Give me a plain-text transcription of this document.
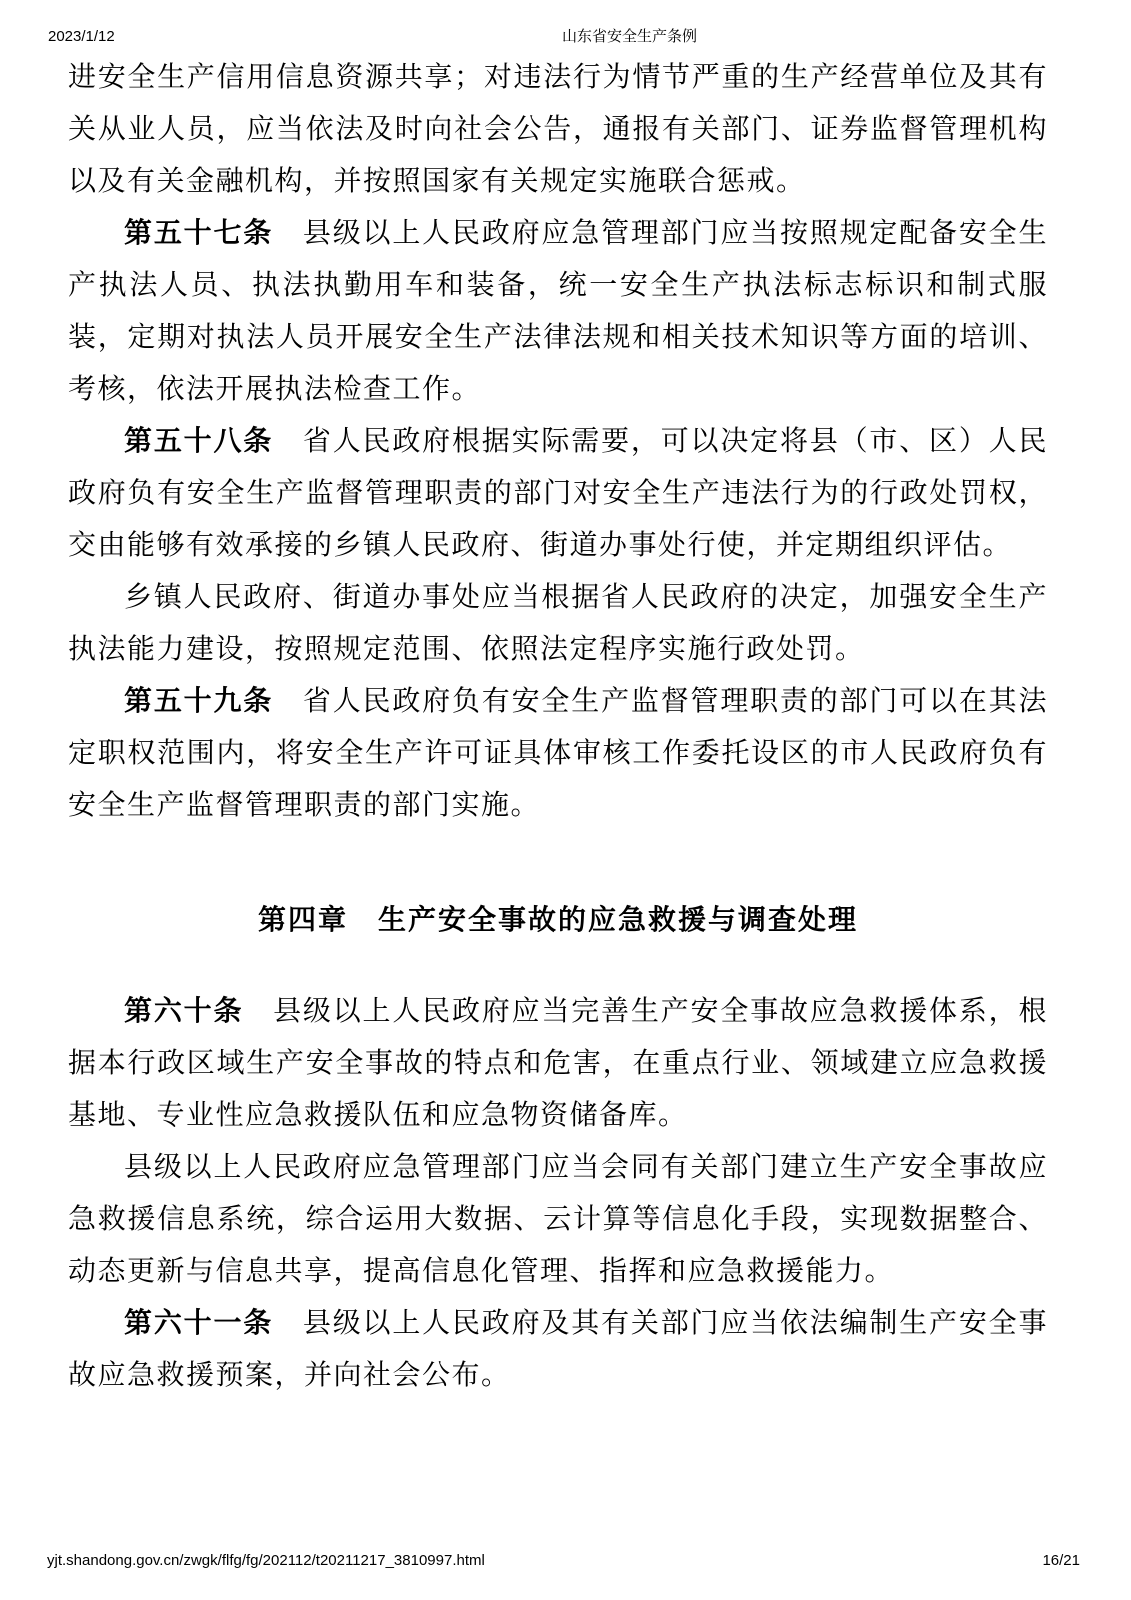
2023/1/12	山东省安全生产条例

进安全生产信用信息资源共享；对违法行为情节严重的生产经营单位及其有关从业人员，应当依法及时向社会公告，通报有关部门、证券监督管理机构以及有关金融机构，并按照国家有关规定实施联合惩戒。

第五十七条　县级以上人民政府应急管理部门应当按照规定配备安全生产执法人员、执法执勤用车和装备，统一安全生产执法标志标识和制式服装，定期对执法人员开展安全生产法律法规和相关技术知识等方面的培训、考核，依法开展执法检查工作。

第五十八条　省人民政府根据实际需要，可以决定将县（市、区）人民政府负有安全生产监督管理职责的部门对安全生产违法行为的行政处罚权，交由能够有效承接的乡镇人民政府、街道办事处行使，并定期组织评估。

乡镇人民政府、街道办事处应当根据省人民政府的决定，加强安全生产执法能力建设，按照规定范围、依照法定程序实施行政处罚。

第五十九条　省人民政府负有安全生产监督管理职责的部门可以在其法定职权范围内，将安全生产许可证具体审核工作委托设区的市人民政府负有安全生产监督管理职责的部门实施。

第四章　生产安全事故的应急救援与调查处理

第六十条　县级以上人民政府应当完善生产安全事故应急救援体系，根据本行政区域生产安全事故的特点和危害，在重点行业、领域建立应急救援基地、专业性应急救援队伍和应急物资储备库。

县级以上人民政府应急管理部门应当会同有关部门建立生产安全事故应急救援信息系统，综合运用大数据、云计算等信息化手段，实现数据整合、动态更新与信息共享，提高信息化管理、指挥和应急救援能力。

第六十一条　县级以上人民政府及其有关部门应当依法编制生产安全事故应急救援预案，并向社会公布。

yjt.shandong.gov.cn/zwgk/flfg/fg/202112/t20211217_3810997.html	16/21
